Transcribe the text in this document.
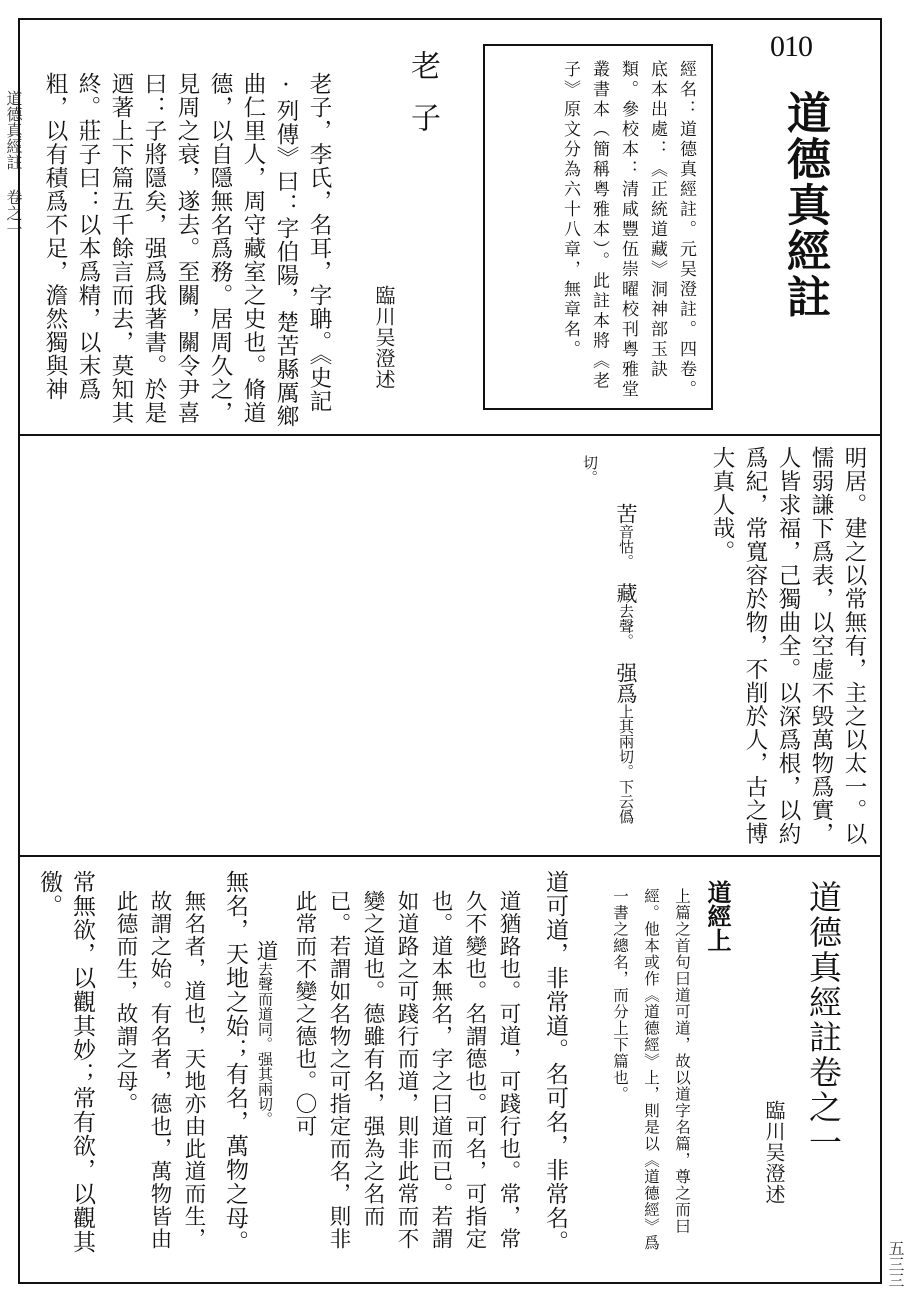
道德真經註 卷之一
五三三
010
道德真經註
經名：道德真經註。元吴澄註。四卷。底本出處：《正統道藏》洞神部玉訣類。參校本：清咸豐伍崇曜校刊粤雅堂叢書本（簡稱粤雅本）。此註本將《老子》原文分為六十八章，無章名。
老子
臨川吴澄述
老子，李氏，名耳，字聃。《史記·列傳》曰：字伯陽，楚苦縣厲鄉曲仁里人，周守藏室之史也。脩道德，以自隱無名爲務。居周久之，見周之衰，遂去。至關，關令尹喜曰：子將隱矣，强爲我著書。於是迺著上下篇五千餘言而去，莫知其終。莊子曰：以本爲精，以末爲粗，以有積爲不足，澹然獨與神
明居。建之以常無有，主之以太一。以懦弱謙下爲表，以空虚不毁萬物爲實，人皆求福，己獨曲全。以深爲根，以約爲紀，常寬容於物，不削於人，古之博大真人哉。

苦音怙。　藏去聲。　强爲上其兩切。下云僞切。

道德真經註卷之一
臨川吴澄述
道經上
上篇之首句曰道可道，故以道字名篇，尊之而曰經。他本或作《道德經》上，則是以《道德經》爲一書之總名，而分上下篇也。
道可道，非常道。名可名，非常名。
道猶路也。可道，可踐行也。常，常久不變也。名謂德也。可名，可指定也。道本無名，字之曰道而已。若謂如道路之可踐行而道，則非此常而不變之道也。德雖有名，强為之名而已。若謂如名物之可指定而名，則非此常而不變之德也。〇可

道去聲而道同。强其兩切。

無名，天地之始；有名，萬物之母。
無名者，道也，天地亦由此道而生，故謂之始。有名者，德也，萬物皆由此德而生，故謂之母。
常無欲，以觀其妙；常有欲，以觀其徼。
